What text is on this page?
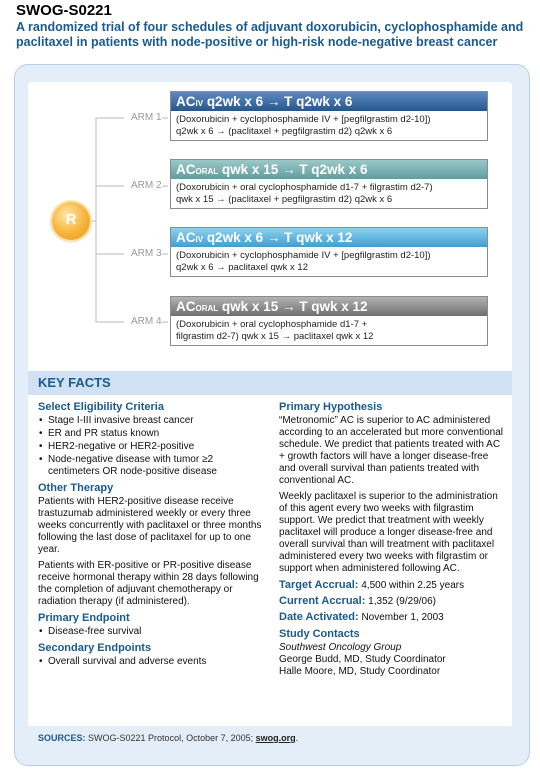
SWOG-S0221
A randomized trial of four schedules of adjuvant doxorubicin, cyclophosphamide and paclitaxel in patients with node-positive or high-risk node-negative breast cancer
R
ARM 1
ACIV q2wk x 6 → T q2wk x 6
(Doxorubicin + cyclophosphamide IV + [pegfilgrastim d2-10])
q2wk x 6 → (paclitaxel + pegfilgrastim d2) q2wk x 6
ARM 2
ACORAL qwk x 15 → T q2wk x 6
(Doxorubicin + oral cyclophosphamide d1-7 + filgrastim d2-7)
qwk x 15 → (paclitaxel + pegfilgrastim d2) q2wk x 6
ARM 3
ACIV q2wk x 6 → T qwk x 12
(Doxorubicin + cyclophosphamide IV + [pegfilgrastim d2-10])
q2wk x 6 → paclitaxel qwk x 12
ARM 4
ACORAL qwk x 15 → T qwk x 12
(Doxorubicin + oral cyclophosphamide d1-7 +
filgrastim d2-7) qwk x 15 → paclitaxel qwk x 12
KEY FACTS
Select Eligibility Criteria
• Stage I-III invasive breast cancer
• ER and PR status known
• HER2-negative or HER2-positive
• Node-negative disease with tumor ≥2 centimeters OR node-positive disease
Other Therapy

Patients with HER2-positive disease receive trastuzumab administered weekly or every three weeks concurrently with paclitaxel or three months following the last dose of paclitaxel for up to one year.

Patients with ER-positive or PR-positive disease receive hormonal therapy within 28 days following the completion of adjuvant chemotherapy or radiation therapy (if administered).

Primary Endpoint
• Disease-free survival
Secondary Endpoints
• Overall survival and adverse events
Primary Hypothesis

“Metronomic” AC is superior to AC administered according to an accelerated but more conventional schedule. We predict that patients treated with AC + growth factors will have a longer disease-free and overall survival than patients treated with conventional AC.

Weekly paclitaxel is superior to the administration of this agent every two weeks with filgrastim support. We predict that treatment with weekly paclitaxel will produce a longer disease-free and overall survival than will treatment with paclitaxel administered every two weeks with filgrastim or support when administered following AC.

Target Accrual: 4,500 within 2.25 years
Current Accrual: 1,352 (9/29/06)
Date Activated: November 1, 2003
Study Contacts
Southwest Oncology Group
George Budd, MD, Study Coordinator
Halle Moore, MD, Study Coordinator
SOURCES: SWOG-S0221 Protocol, October 7, 2005; swog.org.
